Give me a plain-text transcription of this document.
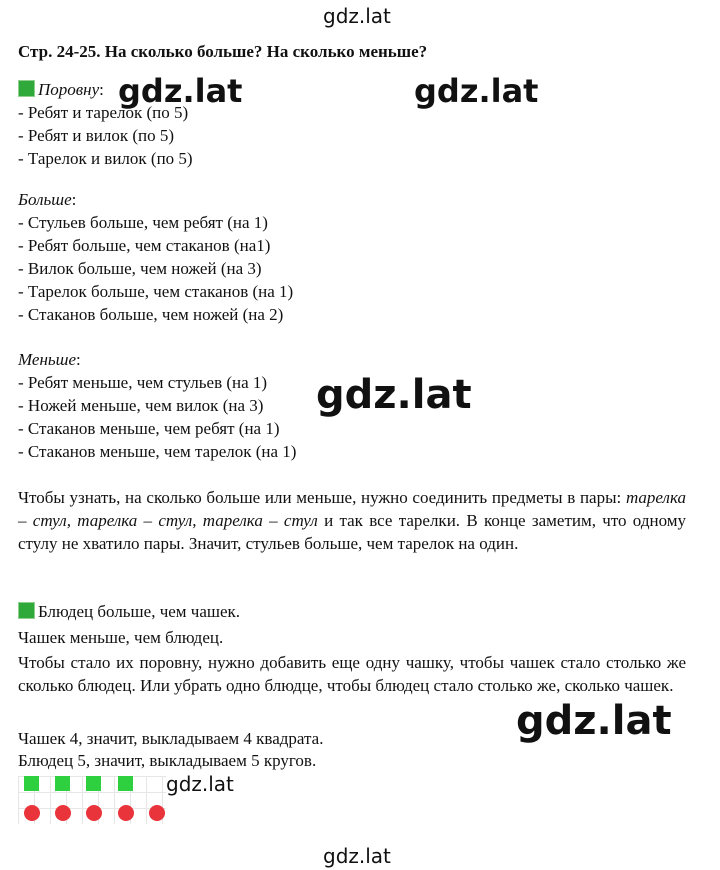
gdz.lat
gdz.lat	gdz.lat
gdz.lat
gdz.lat
gdz.lat
gdz.lat
Стр. 24-25. На сколько больше? На сколько меньше?
Поровну:
- Ребят и тарелок (по 5)
- Ребят и вилок (по 5)
- Тарелок и вилок (по 5)
Больше:
- Стульев больше, чем ребят (на 1)
- Ребят больше, чем стаканов (на1)
- Вилок больше, чем ножей (на 3)
- Тарелок больше, чем стаканов (на 1)
- Стаканов больше, чем ножей (на 2)
Меньше:
- Ребят меньше, чем стульев (на 1)
- Ножей меньше, чем вилок (на 3)
- Стаканов меньше, чем ребят (на 1)
- Стаканов меньше, чем тарелок (на 1)
Чтобы узнать, на сколько больше или меньше, нужно соединить предметы в пары: тарелка – стул, тарелка – стул, тарелка – стул и так все тарелки. В конце заметим, что одному стулу не хватило пары. Значит, стульев больше, чем тарелок на один.
Блюдец больше, чем чашек.
Чашек меньше, чем блюдец.
Чтобы стало их поровну, нужно добавить еще одну чашку, чтобы чашек стало столько же сколько блюдец. Или убрать одно блюдце, чтобы блюдец стало столько же, сколько чашек.
Чашек 4, значит, выкладываем 4 квадрата.
Блюдец 5, значит, выкладываем 5 кругов.
